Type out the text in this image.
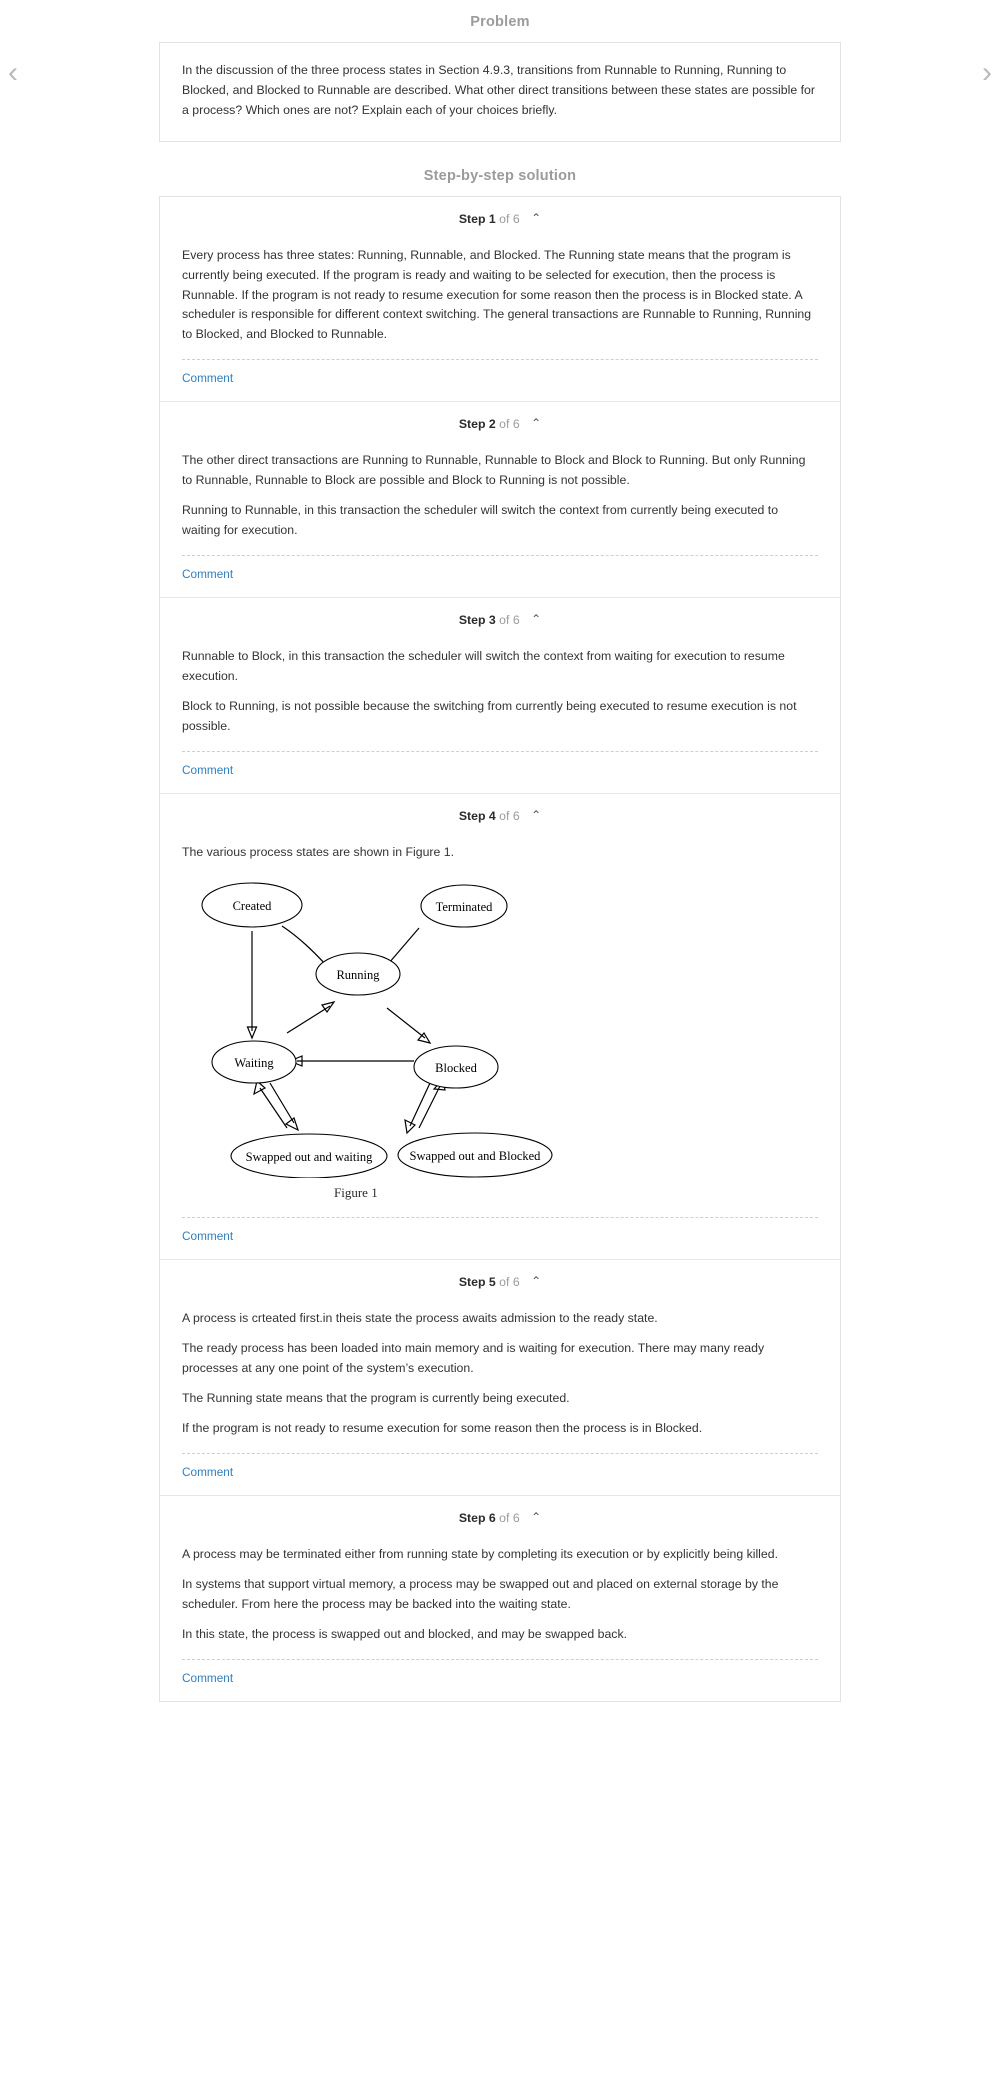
‹	›
Problem
In the discussion of the three process states in Section 4.9.3, transitions from Runnable to Running, Running to Blocked, and Blocked to Runnable are described. What other direct transitions between these states are possible for a process? Which ones are not? Explain each of your choices briefly.
Step-by-step solution
Step 1 of 6 ⌃

Every process has three states: Running, Runnable, and Blocked. The Running state means that the program is currently being executed. If the program is ready and waiting to be selected for execution, then the process is Runnable. If the program is not ready to resume execution for some reason then the process is in Blocked state. A scheduler is responsible for different context switching. The general transactions are Runnable to Running, Running to Blocked, and Blocked to Runnable.

Comment
Step 2 of 6 ⌃

The other direct transactions are Running to Runnable, Runnable to Block and Block to Running. But only Running to Runnable, Runnable to Block are possible and Block to Running is not possible.

Running to Runnable, in this transaction the scheduler will switch the context from currently being executed to waiting for execution.

Comment
Step 3 of 6 ⌃

Runnable to Block, in this transaction the scheduler will switch the context from waiting for execution to resume execution.

Block to Running, is not possible because the switching from currently being executed to resume execution is not possible.

Comment
Step 4 of 6 ⌃

The various process states are shown in Figure 1.

Created	Terminated
Running
Waiting	Blocked
Swapped out and waiting	Swapped out and Blocked
Figure 1
Comment
Step 5 of 6 ⌃

A process is crteated first.in theis state the process awaits admission to the ready state.

The ready process has been loaded into main memory and is waiting for execution. There may many ready processes at any one point of the system’s execution.

The Running state means that the program is currently being executed.

If the program is not ready to resume execution for some reason then the process is in Blocked.

Comment
Step 6 of 6 ⌃

A process may be terminated either from running state by completing its execution or by explicitly being killed.

In systems that support virtual memory, a process may be swapped out and placed on external storage by the scheduler. From here the process may be backed into the waiting state.

In this state, the process is swapped out and blocked, and may be swapped back.

Comment
